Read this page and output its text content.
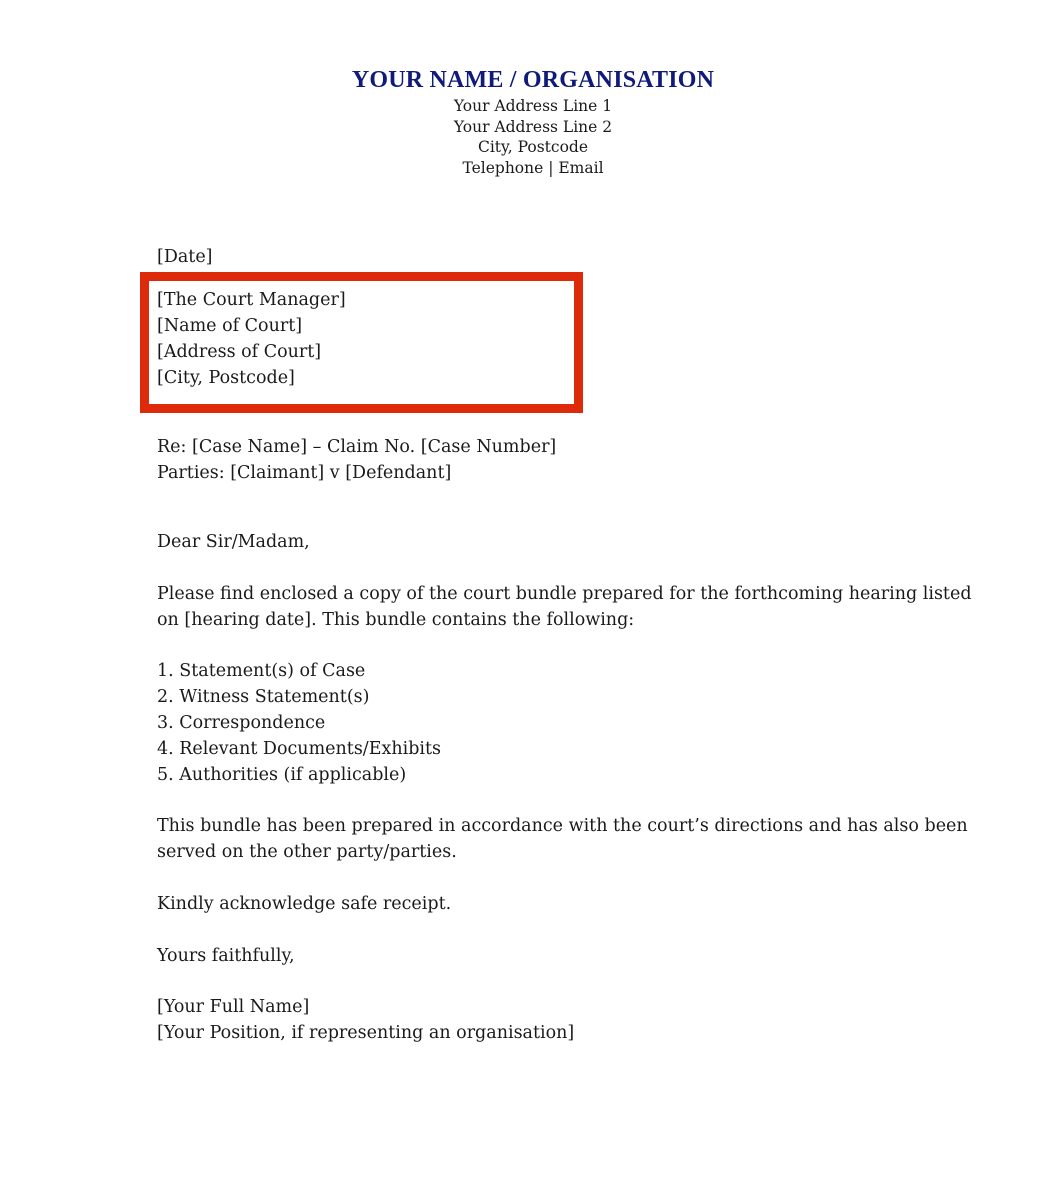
YOUR NAME / ORGANISATION
Your Address Line 1
Your Address Line 2
City, Postcode
Telephone | Email
[Date]
[The Court Manager]
[Name of Court]
[Address of Court]
[City, Postcode]
Re: [Case Name] – Claim No. [Case Number]
Parties: [Claimant] v [Defendant]
Dear Sir/Madam,
Please find enclosed a copy of the court bundle prepared for the forthcoming hearing listed
on [hearing date]. This bundle contains the following:
1. Statement(s) of Case
2. Witness Statement(s)
3. Correspondence
4. Relevant Documents/Exhibits
5. Authorities (if applicable)
This bundle has been prepared in accordance with the court’s directions and has also been
served on the other party/parties.
Kindly acknowledge safe receipt.
Yours faithfully,
[Your Full Name]
[Your Position, if representing an organisation]
